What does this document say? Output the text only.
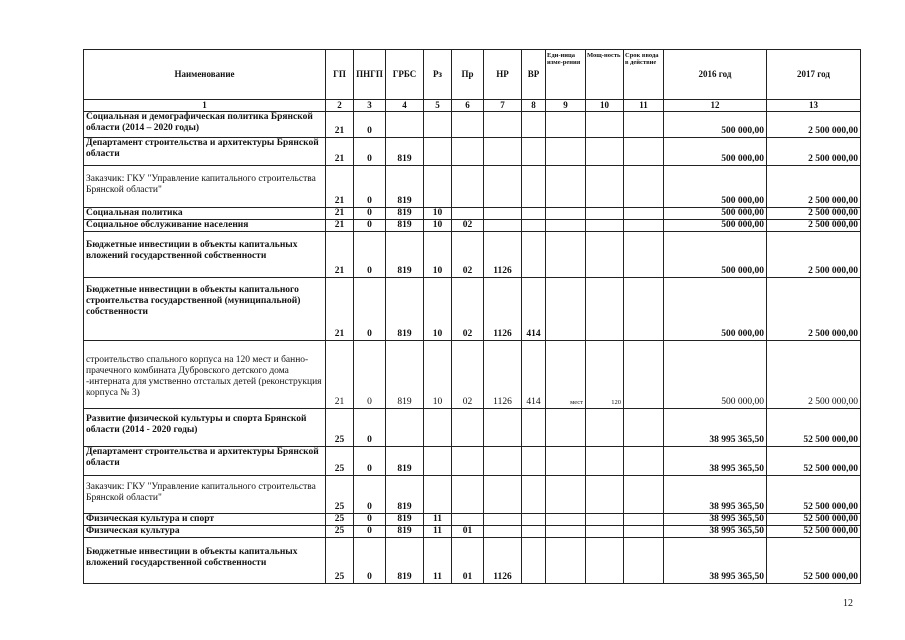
Наименование	ГП	ПНГП	ГРБС	Рз	Пр	НР	ВР	Еди-ница изме-рения	Мощ-ность	Срок ввода в действие	2016 год	2017 год
1	2	3	4	5	6	7	8	9	10	11	12	13
Социальная и демографическая политика Брянской области (2014 – 2020 годы)	21	0									500 000,00	2 500 000,00
Департамент строительства и архитектуры Брянской области	21	0	819								500 000,00	2 500 000,00
Заказчик: ГКУ "Управление капитального строительства Брянской области"	21	0	819								500 000,00	2 500 000,00
Социальная политика	21	0	819	10							500 000,00	2 500 000,00
Социальное обслуживание населения	21	0	819	10	02						500 000,00	2 500 000,00
Бюджетные инвестиции в объекты капитальных вложений государственной собственности	21	0	819	10	02	1126					500 000,00	2 500 000,00
Бюджетные инвестиции в объекты капитального строительства государственной (муниципальной) собственности	21	0	819	10	02	1126	414				500 000,00	2 500 000,00
строительство спального корпуса на 120 мест и банно-прачечного комбината Дубровского детского дома -интерната для умственно отсталых детей (реконструкция корпуса № 3)	21	0	819	10	02	1126	414	мест	120		500 000,00	2 500 000,00
Развитие физической культуры и спорта Брянской области (2014 - 2020 годы)	25	0									38 995 365,50	52 500 000,00
Департамент строительства и архитектуры Брянской области	25	0	819								38 995 365,50	52 500 000,00
Заказчик: ГКУ "Управление капитального строительства Брянской области"	25	0	819								38 995 365,50	52 500 000,00
Физическая культура и спорт	25	0	819	11							38 995 365,50	52 500 000,00
Физическая культура	25	0	819	11	01						38 995 365,50	52 500 000,00
Бюджетные инвестиции в объекты капитальных вложений государственной собственности	25	0	819	11	01	1126					38 995 365,50	52 500 000,00
12
